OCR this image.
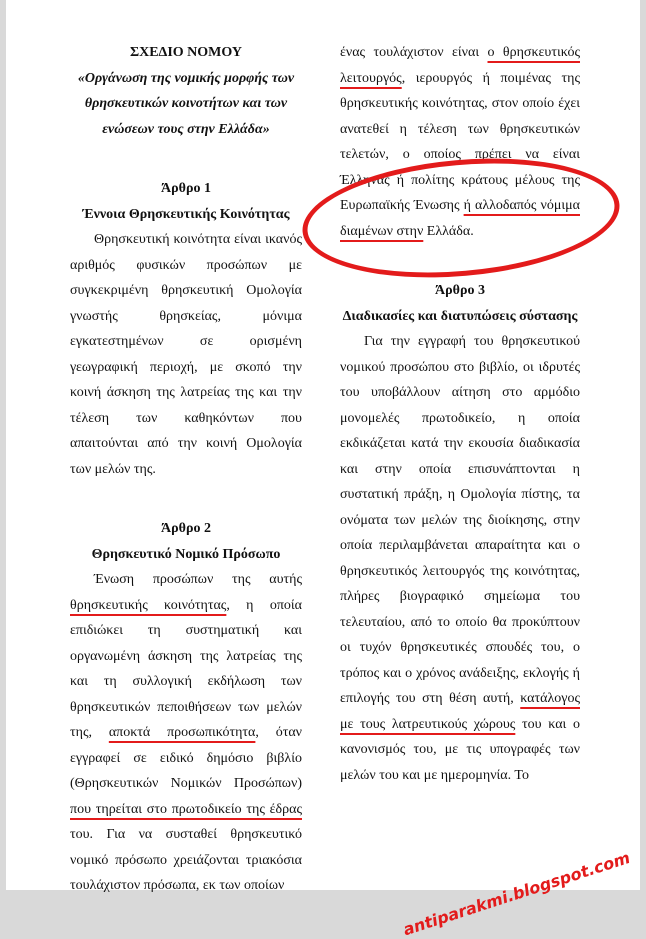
ΣΧΕΔΙΟ ΝΟΜΟΥ
«Οργάνωση της νομικής μορφής των θρησκευτικών κοινοτήτων και των ενώσεων τους στην Ελλάδα»
Άρθρο 1
Έννοια Θρησκευτικής Κοινότητας

Θρησκευτική κοινότητα είναι ικανός αριθμός φυσικών προσώπων με συγκεκριμένη θρησκευτική Ομολογία γνωστής θρησκείας, μόνιμα εγκατεστημένων σε ορισμένη γεωγραφική περιοχή, με σκοπό την κοινή άσκηση της λατρείας της και την τέλεση των καθηκόντων που απαιτούνται από την κοινή Ομολογία των μελών της.

Άρθρο 2
Θρησκευτικό Νομικό Πρόσωπο

Ένωση προσώπων της αυτής θρησκευτικής κοινότητας, η οποία επιδιώκει τη συστηματική και οργανωμένη άσκηση της λατρείας της και τη συλλογική εκδήλωση των θρησκευτικών πεποιθήσεων των μελών της, αποκτά προσωπικότητα, όταν εγγραφεί σε ειδικό δημόσιο βιβλίο (Θρησκευτικών Νομικών Προσώπων) που τηρείται στο πρωτοδικείο της έδρας του. Για να συσταθεί θρησκευτικό νομικό πρόσωπο χρειάζονται τριακόσια τουλάχιστον πρόσωπα, εκ των οποίων

ένας τουλάχιστον είναι ο θρησκευτικός λειτουργός, ιερουργός ή ποιμένας της θρησκευτικής κοινότητας, στον οποίο έχει ανατεθεί η τέλεση των θρησκευτικών τελετών, ο οποίος πρέπει να είναι Έλληνας ή πολίτης κράτους μέλους της Ευρωπαϊκής Ένωσης ή αλλοδαπός νόμιμα διαμένων στην Ελλάδα.

Άρθρο 3
Διαδικασίες και διατυπώσεις σύστασης

Για την εγγραφή του θρησκευτικού νομικού προσώπου στο βιβλίο, οι ιδρυτές του υποβάλλουν αίτηση στο αρμόδιο μονομελές πρωτοδικείο, η οποία εκδικάζεται κατά την εκουσία διαδικασία και στην οποία επισυνάπτονται η συστατική πράξη, η Ομολογία πίστης, τα ονόματα των μελών της διοίκησης, στην οποία περιλαμβάνεται απαραίτητα και ο θρησκευτικός λειτουργός της κοινότητας, πλήρες βιογραφικό σημείωμα του τελευταίου, από το οποίο θα προκύπτουν οι τυχόν θρησκευτικές σπουδές του, ο τρόπος και ο χρόνος ανάδειξης, εκλογής ή επιλογής του στη θέση αυτή, κατάλογος με τους λατρευτικούς χώρους του και ο κανονισμός του, με τις υπογραφές των μελών του και με ημερομηνία. Το

antiparakmi.blogspot.com
